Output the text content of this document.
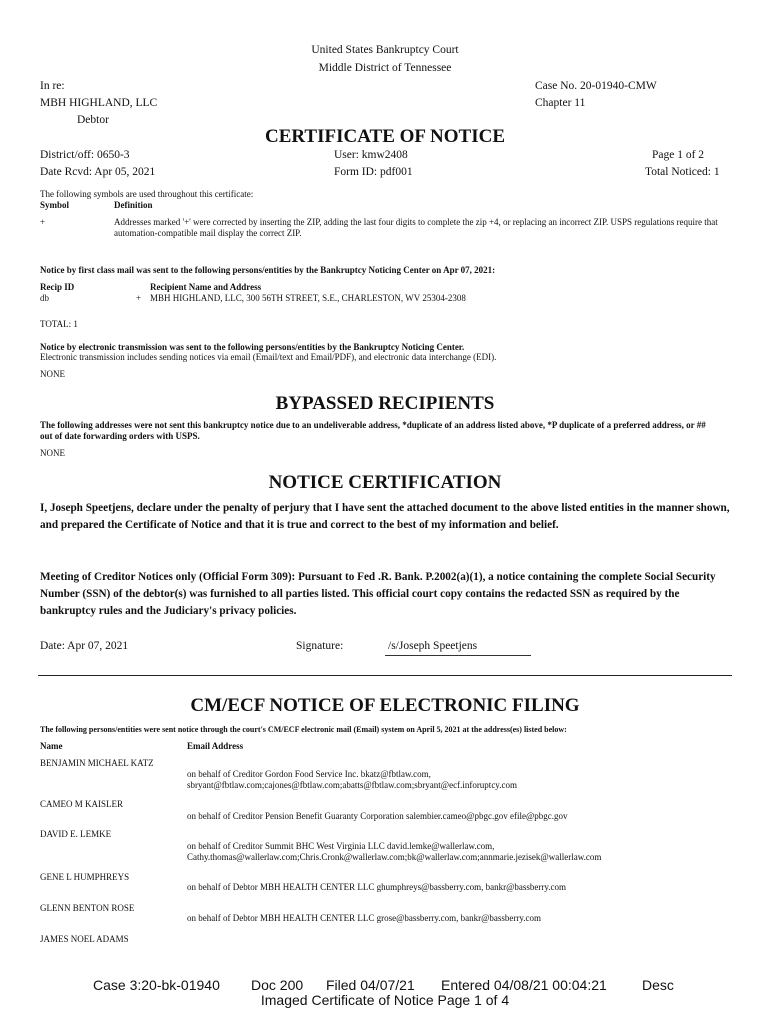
United States Bankruptcy Court
Middle District of Tennessee
In re:
MBH HIGHLAND, LLC
Debtor
Case No. 20-01940-CMW
Chapter 11
CERTIFICATE OF NOTICE
District/off: 0650-3
Date Rcvd: Apr 05, 2021
User: kmw2408
Form ID: pdf001
Page 1 of 2
Total Noticed: 1
The following symbols are used throughout this certificate:
Symbol	Definition
+	Addresses marked '+' were corrected by inserting the ZIP, adding the last four digits to complete the zip +4, or replacing an incorrect ZIP. USPS regulations require that automation-compatible mail display the correct ZIP.
Notice by first class mail was sent to the following persons/entities by the Bankruptcy Noticing Center on Apr 07, 2021:
Recip ID	Recipient Name and Address
db	+ MBH HIGHLAND, LLC, 300 56TH STREET, S.E., CHARLESTON, WV 25304-2308
TOTAL: 1
Notice by electronic transmission was sent to the following persons/entities by the Bankruptcy Noticing Center.
Electronic transmission includes sending notices via email (Email/text and Email/PDF), and electronic data interchange (EDI).
NONE
BYPASSED RECIPIENTS
The following addresses were not sent this bankruptcy notice due to an undeliverable address, *duplicate of an address listed above, *P duplicate of a preferred address, or ## out of date forwarding orders with USPS.
NONE
NOTICE CERTIFICATION
I, Joseph Speetjens, declare under the penalty of perjury that I have sent the attached document to the above listed entities in the manner shown, and prepared the Certificate of Notice and that it is true and correct to the best of my information and belief.
Meeting of Creditor Notices only (Official Form 309): Pursuant to Fed .R. Bank. P.2002(a)(1), a notice containing the complete Social Security Number (SSN) of the debtor(s) was furnished to all parties listed. This official court copy contains the redacted SSN as required by the bankruptcy rules and the Judiciary's privacy policies.
Date: Apr 07, 2021	Signature:	/s/Joseph Speetjens
CM/ECF NOTICE OF ELECTRONIC FILING
The following persons/entities were sent notice through the court's CM/ECF electronic mail (Email) system on April 5, 2021 at the address(es) listed below:
Name	Email Address
BENJAMIN MICHAEL KATZ
on behalf of Creditor Gordon Food Service Inc. bkatz@fbtlaw.com,
sbryant@fbtlaw.com;cajones@fbtlaw.com;abatts@fbtlaw.com;sbryant@ecf.inforuptcy.com
CAMEO M KAISLER
on behalf of Creditor Pension Benefit Guaranty Corporation salembier.cameo@pbgc.gov efile@pbgc.gov
DAVID E. LEMKE
on behalf of Creditor Summit BHC West Virginia LLC david.lemke@wallerlaw.com,
Cathy.thomas@wallerlaw.com;Chris.Cronk@wallerlaw.com;bk@wallerlaw.com;annmarie.jezisek@wallerlaw.com
GENE L HUMPHREYS
on behalf of Debtor MBH HEALTH CENTER LLC ghumphreys@bassberry.com, bankr@bassberry.com
GLENN BENTON ROSE
on behalf of Debtor MBH HEALTH CENTER LLC grose@bassberry.com, bankr@bassberry.com
JAMES NOEL ADAMS
Case 3:20-bk-01940 Doc 200 Filed 04/07/21 Entered 04/08/21 00:04:21	Desc
Imaged Certificate of Notice Page 1 of 4
